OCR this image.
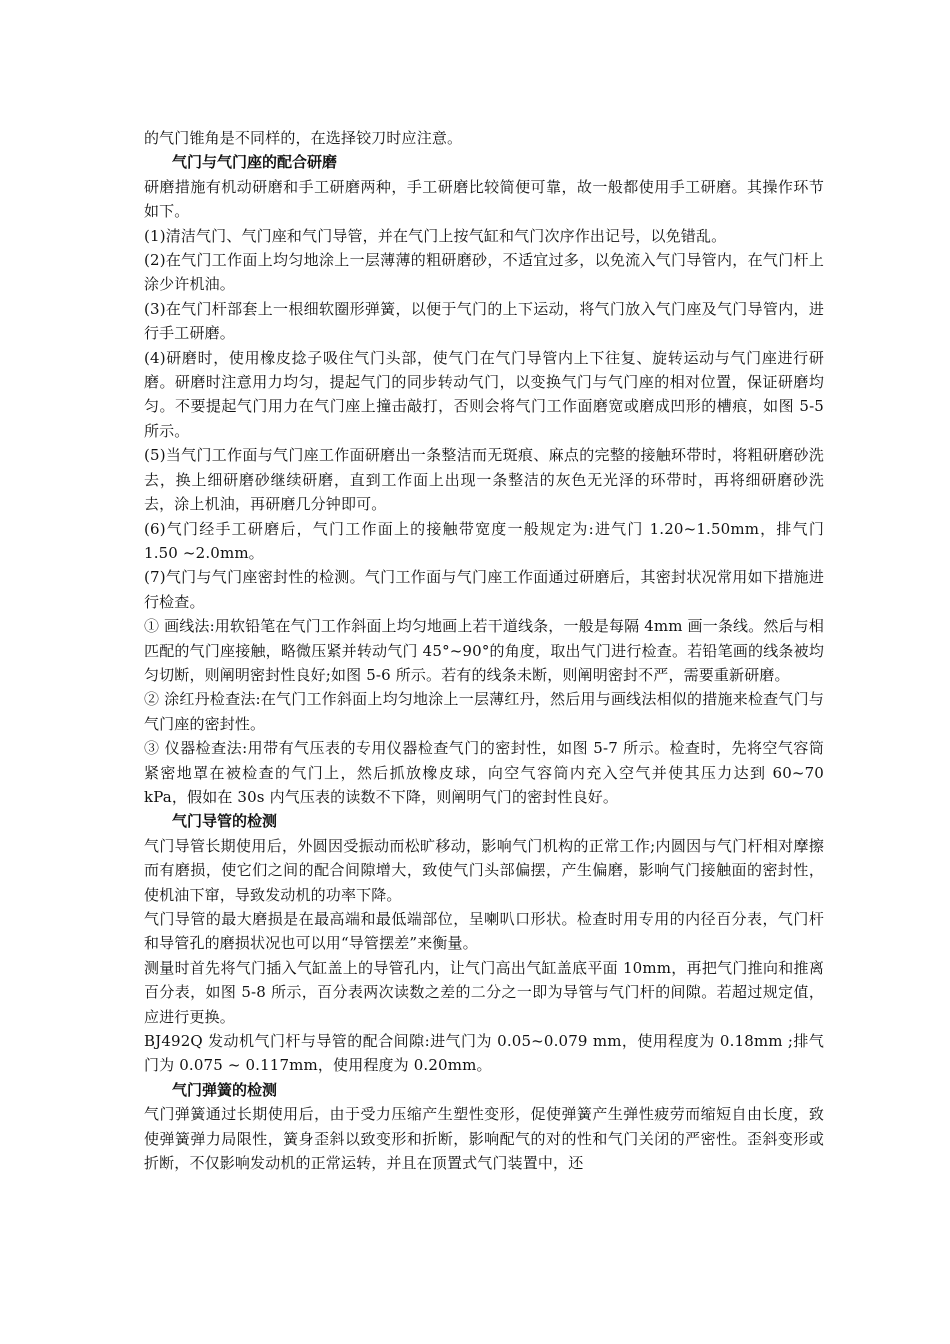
的气门锥角是不同样的，在选择铰刀时应注意。

气门与气门座的配合研磨

研磨措施有机动研磨和手工研磨两种，手工研磨比较简便可靠，故一般都使用手工研磨。其操作环节如下。

(1)清洁气门、气门座和气门导管，并在气门上按气缸和气门次序作出记号，以免错乱。

(2)在气门工作面上均匀地涂上一层薄薄的粗研磨砂，不适宜过多，以免流入气门导管内，在气门杆上涂少许机油。

(3)在气门杆部套上一根细软圈形弹簧，以便于气门的上下运动，将气门放入气门座及气门导管内，进行手工研磨。

(4)研磨时，使用橡皮捻子吸住气门头部，使气门在气门导管内上下往复、旋转运动与气门座进行研磨。研磨时注意用力均匀，提起气门的同步转动气门，以变换气门与气门座的相对位置，保证研磨均匀。不要提起气门用力在气门座上撞击敲打，否则会将气门工作面磨宽或磨成凹形的槽痕，如图 5-5 所示。

(5)当气门工作面与气门座工作面研磨出一条整洁而无斑痕、麻点的完整的接触环带时，将粗研磨砂洗去，换上细研磨砂继续研磨，直到工作面上出现一条整洁的灰色无光泽的环带时，再将细研磨砂洗去，涂上机油，再研磨几分钟即可。

(6)气门经手工研磨后，气门工作面上的接触带宽度一般规定为:进气门 1.20~1.50mm，排气门 1.50 ~2.0mm。

(7)气门与气门座密封性的检测。气门工作面与气门座工作面通过研磨后，其密封状况常用如下措施进行检查。

① 画线法:用软铅笔在气门工作斜面上均匀地画上若干道线条，一般是每隔 4mm 画一条线。然后与相匹配的气门座接触，略微压紧并转动气门 45°~90°的角度，取出气门进行检查。若铅笔画的线条被均匀切断，则阐明密封性良好;如图 5-6 所示。若有的线条未断，则阐明密封不严，需要重新研磨。

② 涂红丹检查法:在气门工作斜面上均匀地涂上一层薄红丹，然后用与画线法相似的措施来检查气门与气门座的密封性。

③ 仪器检查法:用带有气压表的专用仪器检查气门的密封性，如图 5-7 所示。检查时，先将空气容筒紧密地罩在被检查的气门上，然后抓放橡皮球，向空气容筒内充入空气并使其压力达到 60~70 kPa，假如在 30s 内气压表的读数不下降，则阐明气门的密封性良好。

气门导管的检测

气门导管长期使用后，外圆因受振动而松旷移动，影响气门机构的正常工作;内圆因与气门杆相对摩擦而有磨损，使它们之间的配合间隙增大，致使气门头部偏摆，产生偏磨，影响气门接触面的密封性，使机油下窜，导致发动机的功率下降。

气门导管的最大磨损是在最高端和最低端部位，呈喇叭口形状。检查时用专用的内径百分表，气门杆和导管孔的磨损状况也可以用“导管摆差”来衡量。

测量时首先将气门插入气缸盖上的导管孔内，让气门高出气缸盖底平面 10mm，再把气门推向和推离百分表，如图 5-8 所示，百分表两次读数之差的二分之一即为导管与气门杆的间隙。若超过规定值，应进行更换。

BJ492Q 发动机气门杆与导管的配合间隙:进气门为 0.05~0.079 mm，使用程度为 0.18mm ;排气门为 0.075 ~ 0.117mm，使用程度为 0.20mm。

气门弹簧的检测

气门弹簧通过长期使用后，由于受力压缩产生塑性变形，促使弹簧产生弹性疲劳而缩短自由长度，致使弹簧弹力局限性，簧身歪斜以致变形和折断，影响配气的对的性和气门关闭的严密性。歪斜变形或折断，不仅影响发动机的正常运转，并且在顶置式气门装置中，还
